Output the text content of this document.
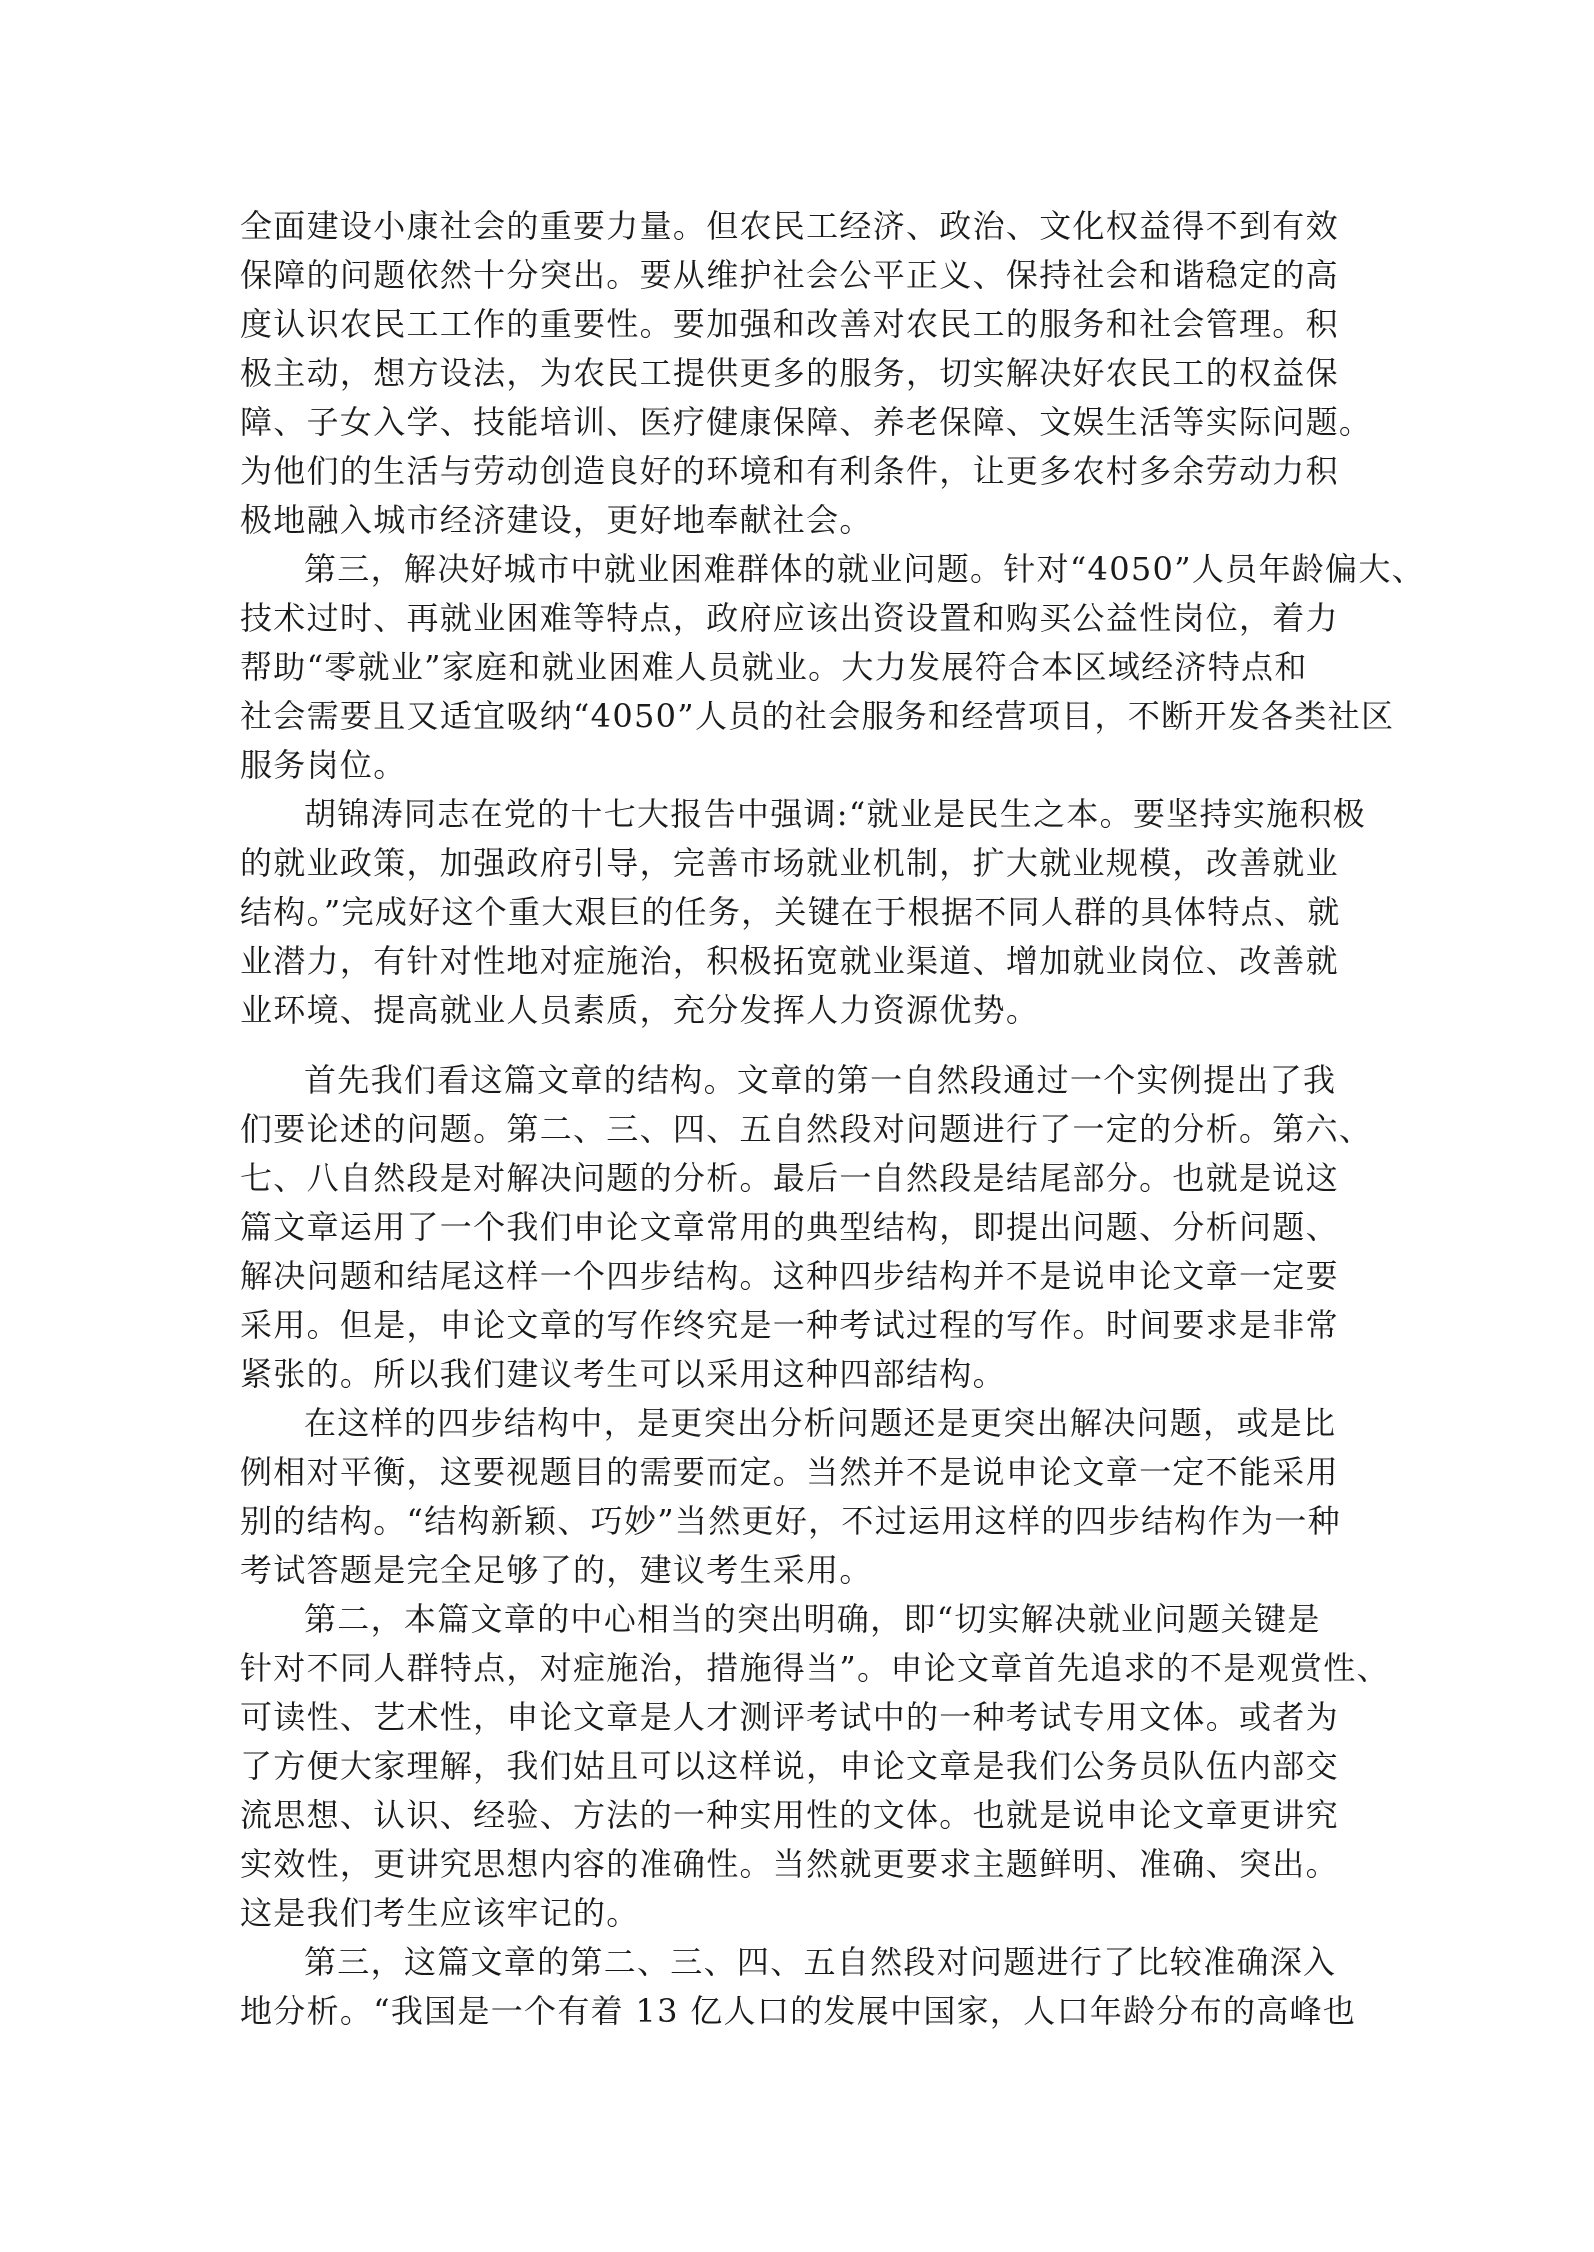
全面建设小康社会的重要力量。但农民工经济、政治、文化权益得不到有效
保障的问题依然十分突出。要从维护社会公平正义、保持社会和谐稳定的高
度认识农民工工作的重要性。要加强和改善对农民工的服务和社会管理。积
极主动，想方设法，为农民工提供更多的服务，切实解决好农民工的权益保
障、子女入学、技能培训、医疗健康保障、养老保障、文娱生活等实际问题。
为他们的生活与劳动创造良好的环境和有利条件，让更多农村多余劳动力积
极地融入城市经济建设，更好地奉献社会。
第三，解决好城市中就业困难群体的就业问题。针对“4050”人员年龄偏大、
技术过时、再就业困难等特点，政府应该出资设置和购买公益性岗位，着力
帮助“零就业”家庭和就业困难人员就业。大力发展符合本区域经济特点和
社会需要且又适宜吸纳“4050”人员的社会服务和经营项目，不断开发各类社区
服务岗位。
胡锦涛同志在党的十七大报告中强调:“就业是民生之本。要坚持实施积极
的就业政策，加强政府引导，完善市场就业机制，扩大就业规模，改善就业
结构。”完成好这个重大艰巨的任务，关键在于根据不同人群的具体特点、就
业潜力，有针对性地对症施治，积极拓宽就业渠道、增加就业岗位、改善就
业环境、提高就业人员素质，充分发挥人力资源优势。
首先我们看这篇文章的结构。文章的第一自然段通过一个实例提出了我
们要论述的问题。第二、三、四、五自然段对问题进行了一定的分析。第六、
七、八自然段是对解决问题的分析。最后一自然段是结尾部分。也就是说这
篇文章运用了一个我们申论文章常用的典型结构，即提出问题、分析问题、
解决问题和结尾这样一个四步结构。这种四步结构并不是说申论文章一定要
采用。但是，申论文章的写作终究是一种考试过程的写作。时间要求是非常
紧张的。所以我们建议考生可以采用这种四部结构。
在这样的四步结构中，是更突出分析问题还是更突出解决问题，或是比
例相对平衡，这要视题目的需要而定。当然并不是说申论文章一定不能采用
别的结构。“结构新颖、巧妙”当然更好，不过运用这样的四步结构作为一种
考试答题是完全足够了的，建议考生采用。
第二，本篇文章的中心相当的突出明确，即“切实解决就业问题关键是
针对不同人群特点，对症施治，措施得当”。申论文章首先追求的不是观赏性、
可读性、艺术性，申论文章是人才测评考试中的一种考试专用文体。或者为
了方便大家理解，我们姑且可以这样说，申论文章是我们公务员队伍内部交
流思想、认识、经验、方法的一种实用性的文体。也就是说申论文章更讲究
实效性，更讲究思想内容的准确性。当然就更要求主题鲜明、准确、突出。
这是我们考生应该牢记的。
第三，这篇文章的第二、三、四、五自然段对问题进行了比较准确深入
地分析。“我国是一个有着 13 亿人口的发展中国家，人口年龄分布的高峰也
